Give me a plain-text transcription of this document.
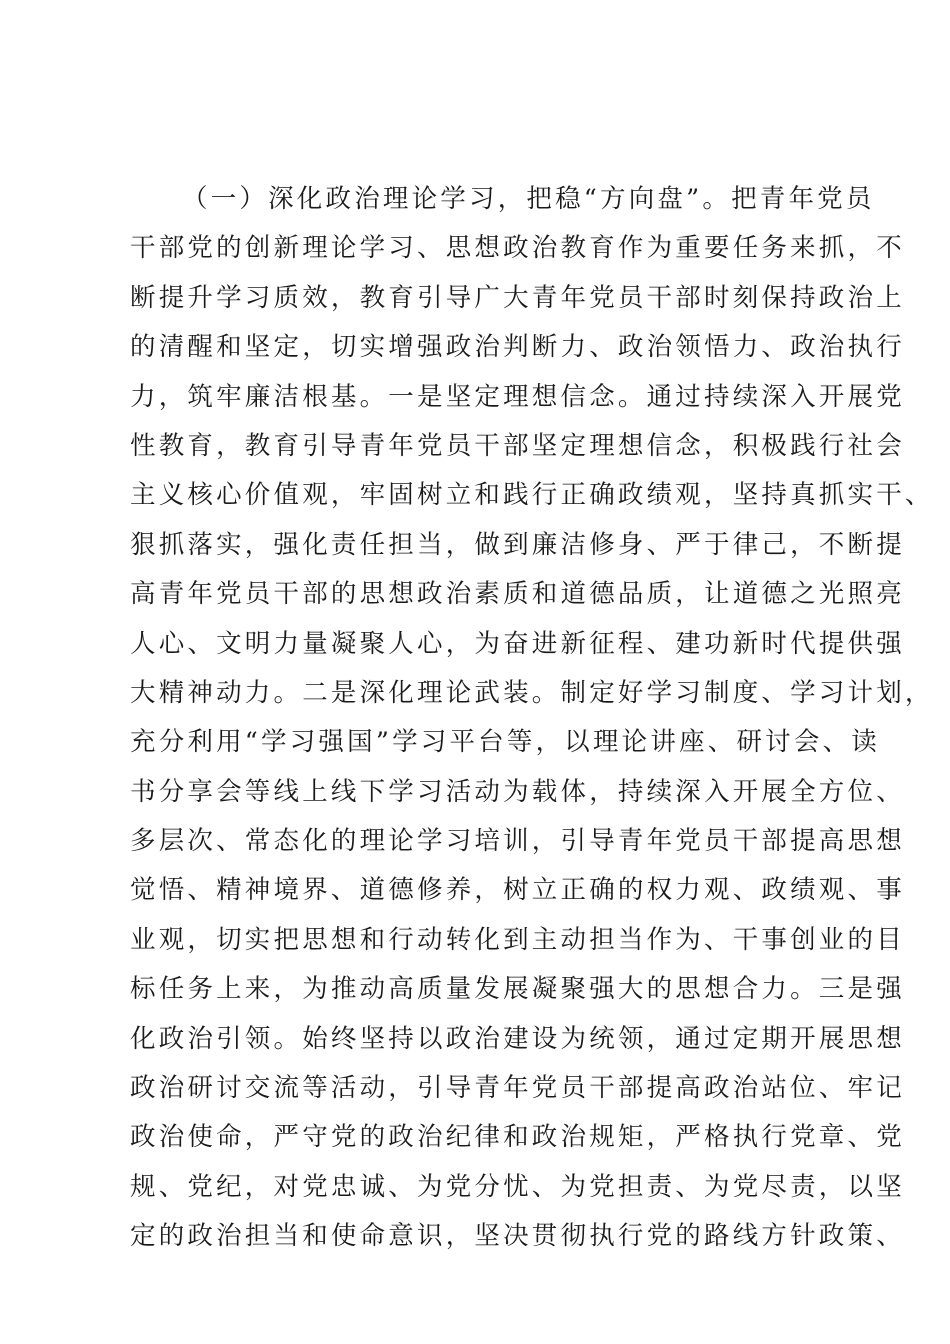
（一）深化政治理论学习，把稳“方向盘”。把青年党员
干部党的创新理论学习、思想政治教育作为重要任务来抓，不
断提升学习质效，教育引导广大青年党员干部时刻保持政治上
的清醒和坚定，切实增强政治判断力、政治领悟力、政治执行
力，筑牢廉洁根基。一是坚定理想信念。通过持续深入开展党
性教育，教育引导青年党员干部坚定理想信念，积极践行社会
主义核心价值观，牢固树立和践行正确政绩观，坚持真抓实干、
狠抓落实，强化责任担当，做到廉洁修身、严于律己，不断提
高青年党员干部的思想政治素质和道德品质，让道德之光照亮
人心、文明力量凝聚人心，为奋进新征程、建功新时代提供强
大精神动力。二是深化理论武装。制定好学习制度、学习计划，
充分利用“学习强国”学习平台等，以理论讲座、研讨会、读
书分享会等线上线下学习活动为载体，持续深入开展全方位、
多层次、常态化的理论学习培训，引导青年党员干部提高思想
觉悟、精神境界、道德修养，树立正确的权力观、政绩观、事
业观，切实把思想和行动转化到主动担当作为、干事创业的目
标任务上来，为推动高质量发展凝聚强大的思想合力。三是强
化政治引领。始终坚持以政治建设为统领，通过定期开展思想
政治研讨交流等活动，引导青年党员干部提高政治站位、牢记
政治使命，严守党的政治纪律和政治规矩，严格执行党章、党
规、党纪，对党忠诚、为党分忧、为党担责、为党尽责，以坚
定的政治担当和使命意识，坚决贯彻执行党的路线方针政策、
